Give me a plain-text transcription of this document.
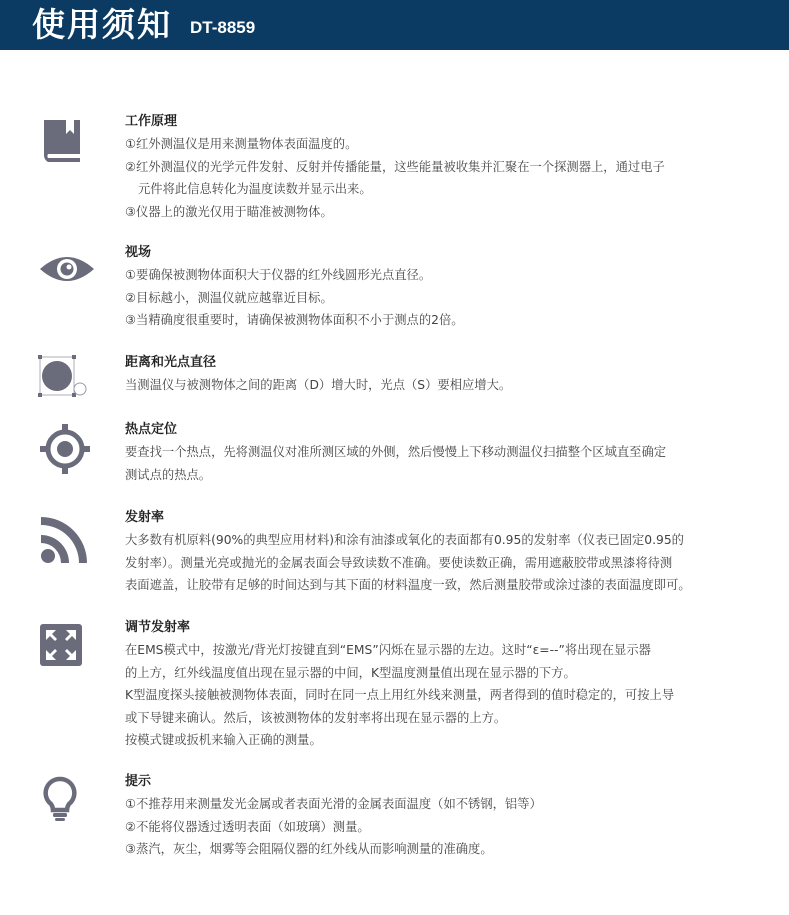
使用须知 DT-8859
工作原理
①红外测温仪是用来测量物体表面温度的。
②红外测温仪的光学元件发射、反射并传播能量，这些能量被收集并汇聚在一个探测器上，通过电子
元件将此信息转化为温度读数并显示出来。
③仪器上的激光仅用于瞄准被测物体。
视场
①要确保被测物体面积大于仪器的红外线圆形光点直径。
②目标越小，测温仪就应越靠近目标。
③当精确度很重要时，请确保被测物体面积不小于测点的2倍。
距离和光点直径
当测温仪与被测物体之间的距离（D）增大时，光点（S）要相应增大。
热点定位
要查找一个热点，先将测温仪对准所测区域的外侧，然后慢慢上下移动测温仪扫描整个区域直至确定
测试点的热点。
发射率
大多数有机原料(90%的典型应用材料)和涂有油漆或氧化的表面都有0.95的发射率（仪表已固定0.95的
发射率）。测量光亮或抛光的金属表面会导致读数不准确。要使读数正确，需用遮蔽胶带或黑漆将待测
表面遮盖，让胶带有足够的时间达到与其下面的材料温度一致，然后测量胶带或涂过漆的表面温度即可。
调节发射率
在EMS模式中，按激光/背光灯按键直到“EMS”闪烁在显示器的左边。这时“ε=--”将出现在显示器
的上方，红外线温度值出现在显示器的中间，K型温度测量值出现在显示器的下方。
K型温度探头接触被测物体表面，同时在同一点上用红外线来测量，两者得到的值时稳定的，可按上导
或下导键来确认。然后，该被测物体的发射率将出现在显示器的上方。
按模式键或扳机来输入正确的测量。
提示
①不推荐用来测量发光金属或者表面光滑的金属表面温度（如不锈钢，铝等）
②不能将仪器透过透明表面（如玻璃）测量。
③蒸汽，灰尘，烟雾等会阻隔仪器的红外线从而影响测量的准确度。
